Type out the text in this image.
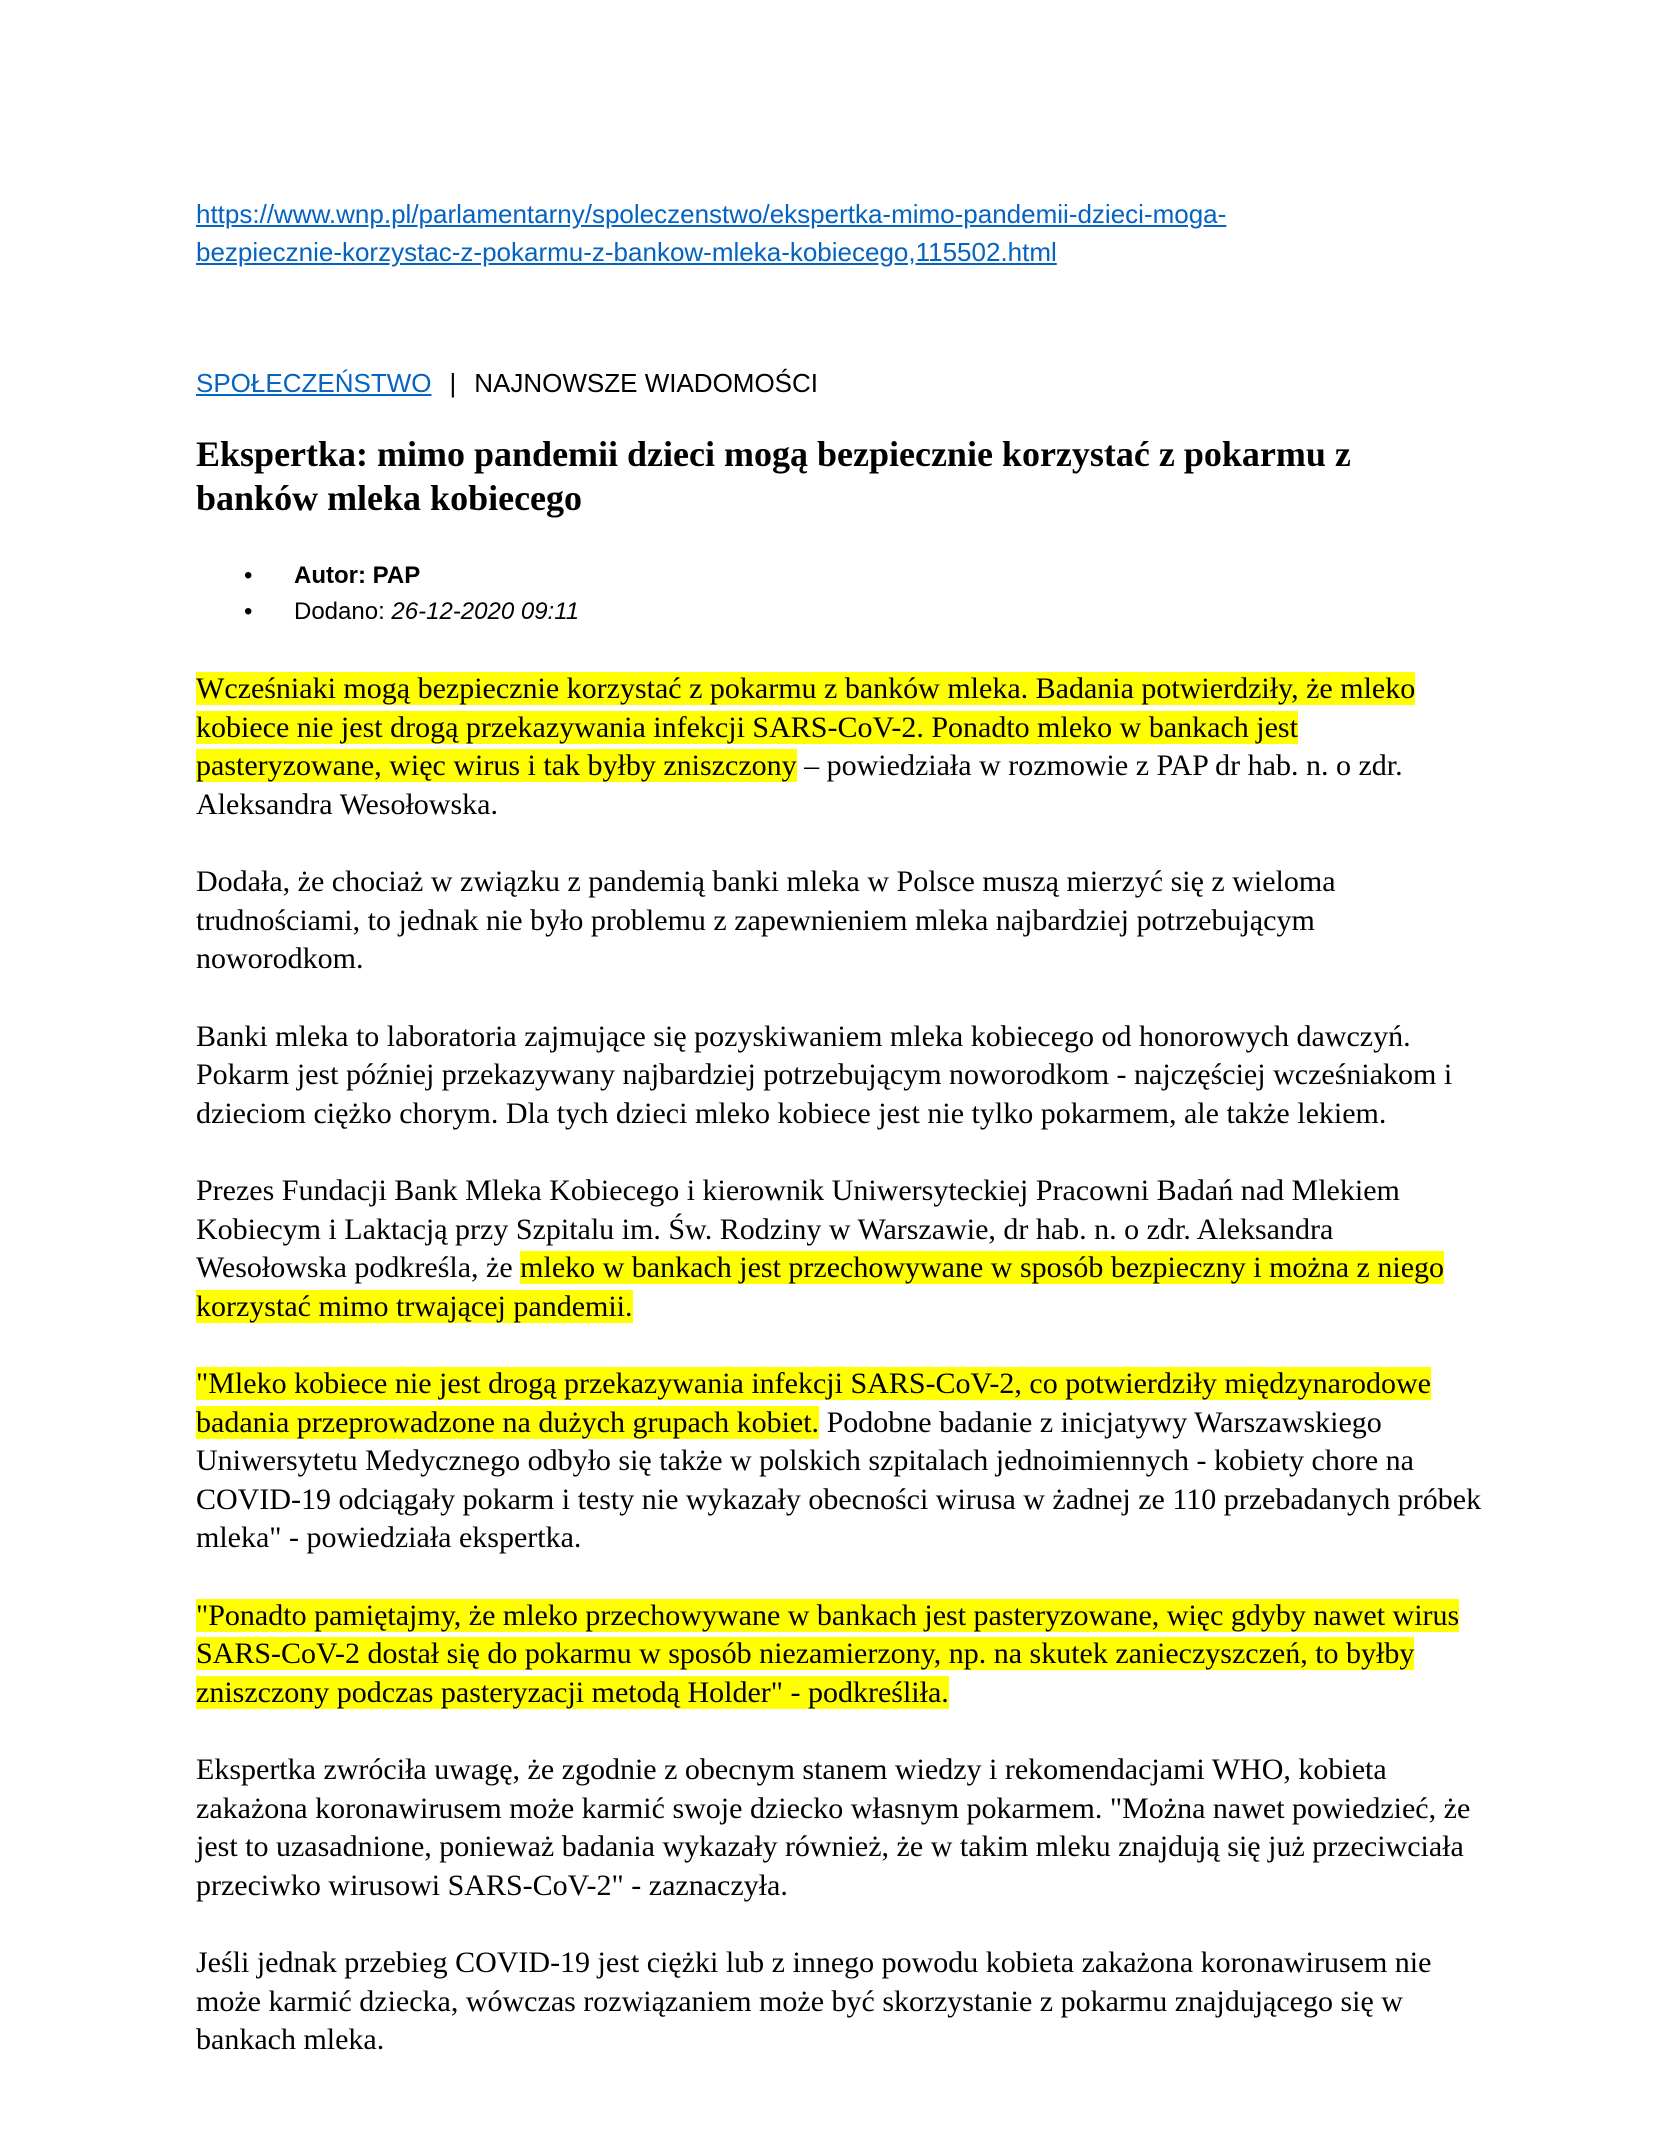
https://www.wnp.pl/parlamentarny/spoleczenstwo/ekspertka-mimo-pandemii-dzieci-moga-
bezpiecznie-korzystac-z-pokarmu-z-bankow-mleka-kobiecego,115502.html
SPOŁECZEŃSTWO | NAJNOWSZE WIADOMOŚCI
Ekspertka: mimo pandemii dzieci mogą bezpiecznie korzystać z pokarmu z
banków mleka kobiecego
• Autor: PAP
• Dodano: 26-12-2020 09:11

Wcześniaki mogą bezpiecznie korzystać z pokarmu z banków mleka. Badania potwierdziły, że mleko kobiece nie jest drogą przekazywania infekcji SARS-CoV-2. Ponadto mleko w bankach jest pasteryzowane, więc wirus i tak byłby zniszczony – powiedziała w rozmowie z PAP dr hab. n. o zdr. Aleksandra Wesołowska.

Dodała, że chociaż w związku z pandemią banki mleka w Polsce muszą mierzyć się z wieloma trudnościami, to jednak nie było problemu z zapewnieniem mleka najbardziej potrzebującym noworodkom.

Banki mleka to laboratoria zajmujące się pozyskiwaniem mleka kobiecego od honorowych dawczyń. Pokarm jest później przekazywany najbardziej potrzebującym noworodkom - najczęściej wcześniakom i dzieciom ciężko chorym. Dla tych dzieci mleko kobiece jest nie tylko pokarmem, ale także lekiem.

Prezes Fundacji Bank Mleka Kobiecego i kierownik Uniwersyteckiej Pracowni Badań nad Mlekiem Kobiecym i Laktacją przy Szpitalu im. Św. Rodziny w Warszawie, dr hab. n. o zdr. Aleksandra Wesołowska podkreśla, że mleko w bankach jest przechowywane w sposób bezpieczny i można z niego korzystać mimo trwającej pandemii.

"Mleko kobiece nie jest drogą przekazywania infekcji SARS-CoV-2, co potwierdziły międzynarodowe badania przeprowadzone na dużych grupach kobiet. Podobne badanie z inicjatywy Warszawskiego Uniwersytetu Medycznego odbyło się także w polskich szpitalach jednoimiennych - kobiety chore na COVID-19 odciągały pokarm i testy nie wykazały obecności wirusa w żadnej ze 110 przebadanych próbek mleka" - powiedziała ekspertka.

"Ponadto pamiętajmy, że mleko przechowywane w bankach jest pasteryzowane, więc gdyby nawet wirus SARS-CoV-2 dostał się do pokarmu w sposób niezamierzony, np. na skutek zanieczyszczeń, to byłby zniszczony podczas pasteryzacji metodą Holder" - podkreśliła.

Ekspertka zwróciła uwagę, że zgodnie z obecnym stanem wiedzy i rekomendacjami WHO, kobieta zakażona koronawirusem może karmić swoje dziecko własnym pokarmem. "Można nawet powiedzieć, że jest to uzasadnione, ponieważ badania wykazały również, że w takim mleku znajdują się już przeciwciała przeciwko wirusowi SARS-CoV-2" - zaznaczyła.

Jeśli jednak przebieg COVID-19 jest ciężki lub z innego powodu kobieta zakażona koronawirusem nie może karmić dziecka, wówczas rozwiązaniem może być skorzystanie z pokarmu znajdującego się w bankach mleka.
